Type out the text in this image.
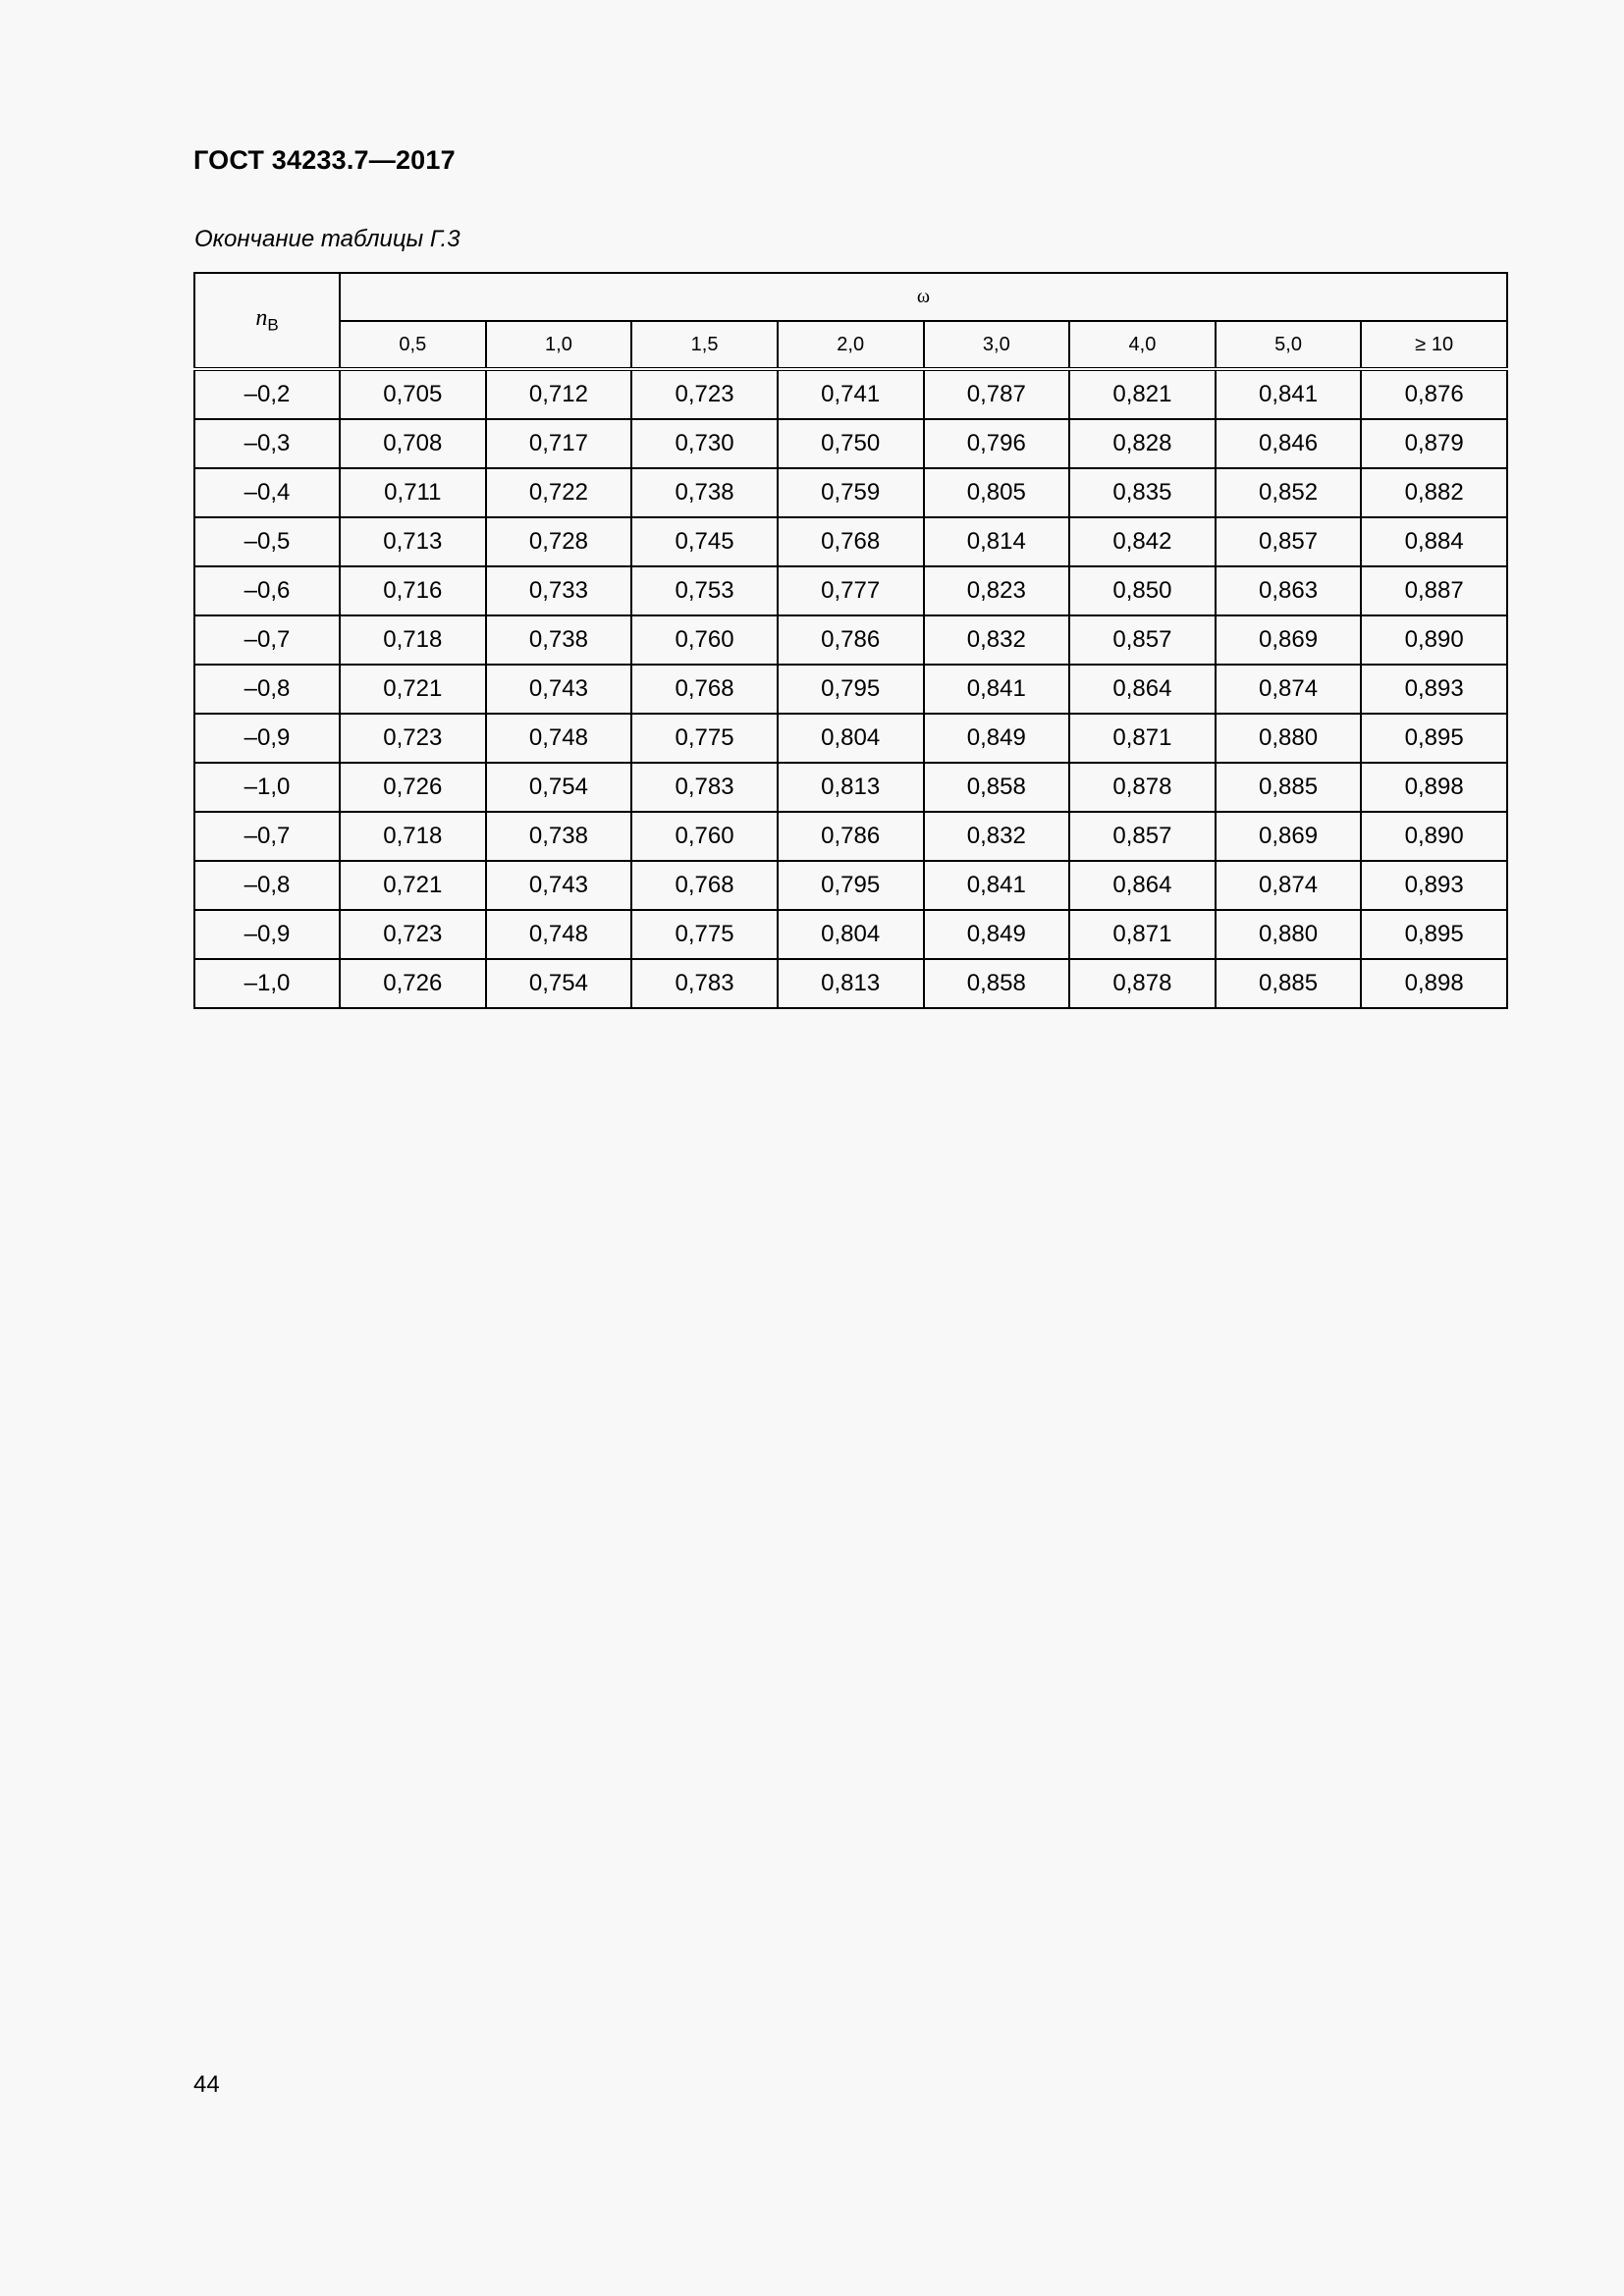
ГОСТ 34233.7—2017
Окончание таблицы Г.3
$n_В$	ω							
	0,5	1,0	1,5	2,0	3,0	4,0	5,0	≥ 10
–0,2	0,705	0,712	0,723	0,741	0,787	0,821	0,841	0,876
–0,3	0,708	0,717	0,730	0,750	0,796	0,828	0,846	0,879
–0,4	0,711	0,722	0,738	0,759	0,805	0,835	0,852	0,882
–0,5	0,713	0,728	0,745	0,768	0,814	0,842	0,857	0,884
–0,6	0,716	0,733	0,753	0,777	0,823	0,850	0,863	0,887
–0,7	0,718	0,738	0,760	0,786	0,832	0,857	0,869	0,890
–0,8	0,721	0,743	0,768	0,795	0,841	0,864	0,874	0,893
–0,9	0,723	0,748	0,775	0,804	0,849	0,871	0,880	0,895
–1,0	0,726	0,754	0,783	0,813	0,858	0,878	0,885	0,898
–0,7	0,718	0,738	0,760	0,786	0,832	0,857	0,869	0,890
–0,8	0,721	0,743	0,768	0,795	0,841	0,864	0,874	0,893
–0,9	0,723	0,748	0,775	0,804	0,849	0,871	0,880	0,895
–1,0	0,726	0,754	0,783	0,813	0,858	0,878	0,885	0,898
44
